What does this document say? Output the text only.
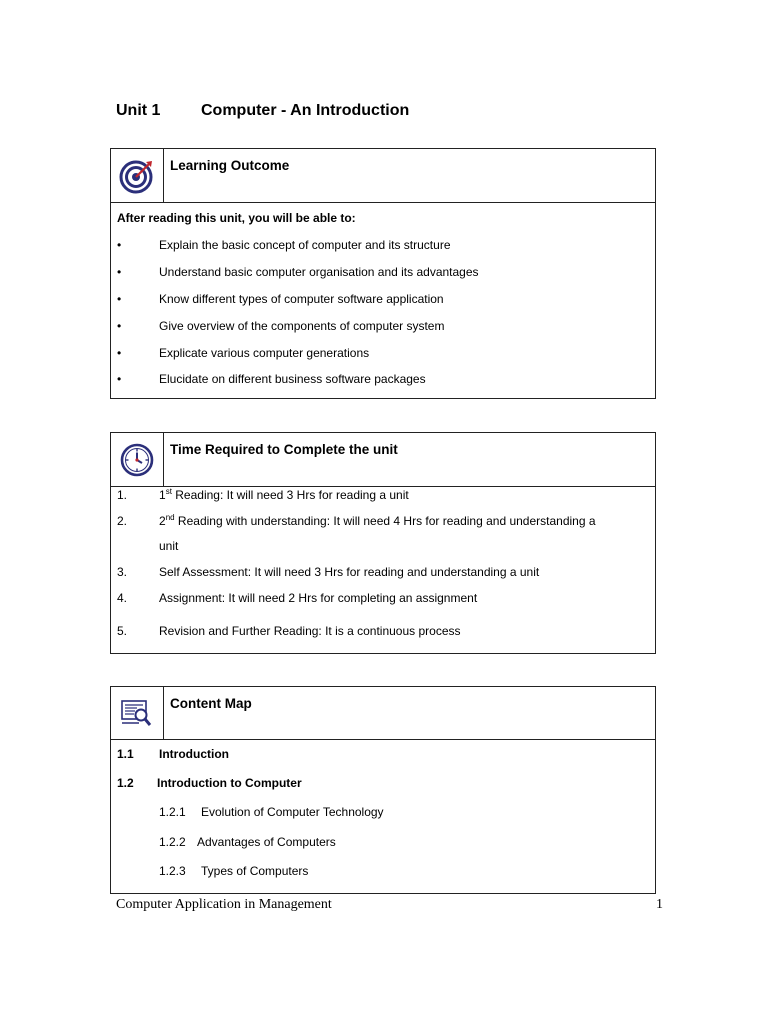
Unit 1	Computer - An Introduction
Learning Outcome
After reading this unit, you will be able to:
•	Explain the basic concept of computer and its structure
•	Understand basic computer organisation and its advantages
•	Know different types of computer software application
•	Give overview of the components of computer system
•	Explicate various computer generations
•	Elucidate on different business software packages
Time Required to Complete the unit
1.	1st Reading: It will need 3 Hrs for reading a unit
2.	2nd Reading with understanding: It will need 4 Hrs for reading and understanding a
unit
3.	Self Assessment: It will need 3 Hrs for reading and understanding a unit
4.	Assignment: It will need 2 Hrs for completing an assignment
5.	Revision and Further Reading: It is a continuous process
Content Map
1.1 Introduction
1.2 Introduction to Computer
1.2.1 Evolution of Computer Technology
1.2.2 Advantages of Computers
1.2.3 Types of Computers
Computer Application in Management	1
